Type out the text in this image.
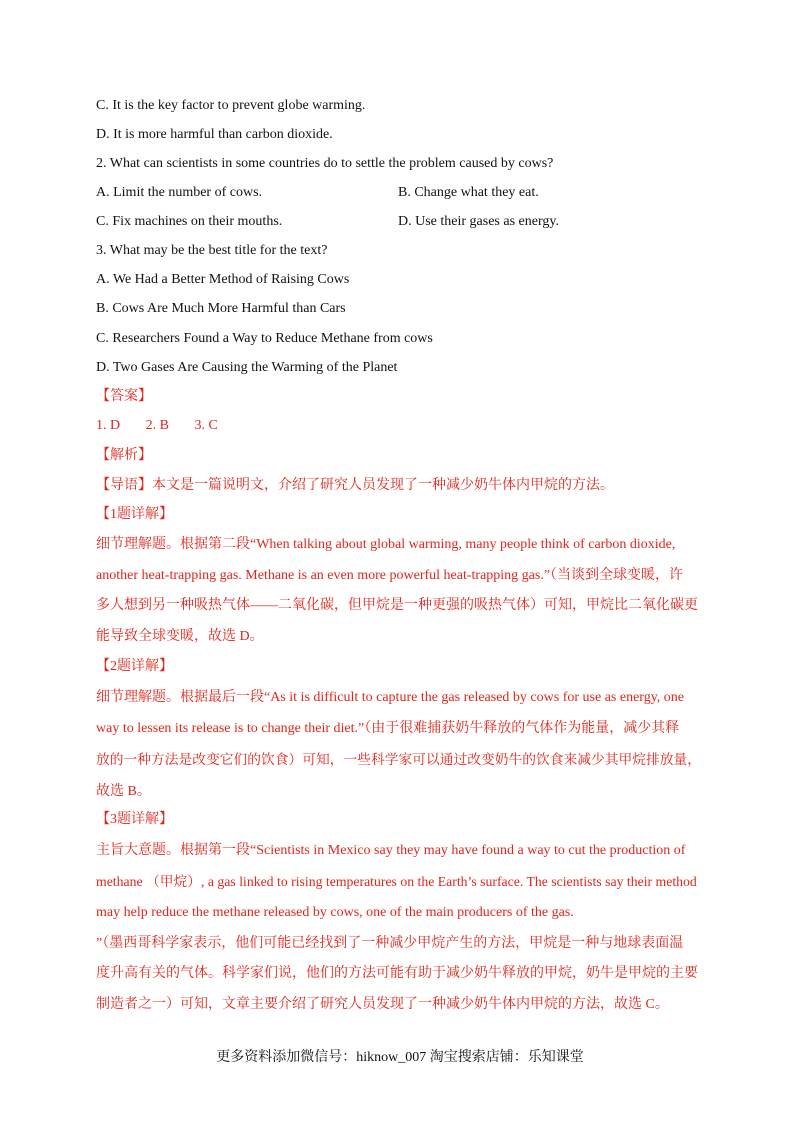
C. It is the key factor to prevent globe warming.
D. It is more harmful than carbon dioxide.
2. What can scientists in some countries do to settle the problem caused by cows?
A. Limit the number of cows.	B. Change what they eat.
C. Fix machines on their mouths.	D. Use their gases as energy.
3. What may be the best title for the text?
A. We Had a Better Method of Raising Cows
B. Cows Are Much More Harmful than Cars
C. Researchers Found a Way to Reduce Methane from cows
D. Two Gases Are Causing the Warming of the Planet
【答案】
1. D 2. B 3. C
【解析】
【导语】本文是一篇说明文，介绍了研究人员发现了一种减少奶牛体内甲烷的方法。
【1题详解】
细节理解题。根据第二段“When talking about global warming, many people think of carbon dioxide,
another heat-trapping gas. Methane is an even more powerful heat-trapping gas.”（当谈到全球变暖，许
多人想到另一种吸热气体——二氧化碳，但甲烷是一种更强的吸热气体）可知，甲烷比二氧化碳更
能导致全球变暖，故选 D。
【2题详解】
细节理解题。根据最后一段“As it is difficult to capture the gas released by cows for use as energy, one
way to lessen its release is to change their diet.”（由于很难捕获奶牛释放的气体作为能量，减少其释
放的一种方法是改变它们的饮食）可知，一些科学家可以通过改变奶牛的饮食来减少其甲烷排放量，
故选 B。
【3题详解】
主旨大意题。根据第一段“Scientists in Mexico say they may have found a way to cut the production of
methane （甲烷）, a gas linked to rising temperatures on the Earth’s surface. The scientists say their method
may help reduce the methane released by cows, one of the main producers of the gas.
”（墨西哥科学家表示，他们可能已经找到了一种减少甲烷产生的方法，甲烷是一种与地球表面温
度升高有关的气体。科学家们说，他们的方法可能有助于减少奶牛释放的甲烷，奶牛是甲烷的主要
制造者之一）可知，文章主要介绍了研究人员发现了一种减少奶牛体内甲烷的方法，故选 C。
更多资料添加微信号：hiknow_007 淘宝搜索店铺：乐知课堂
